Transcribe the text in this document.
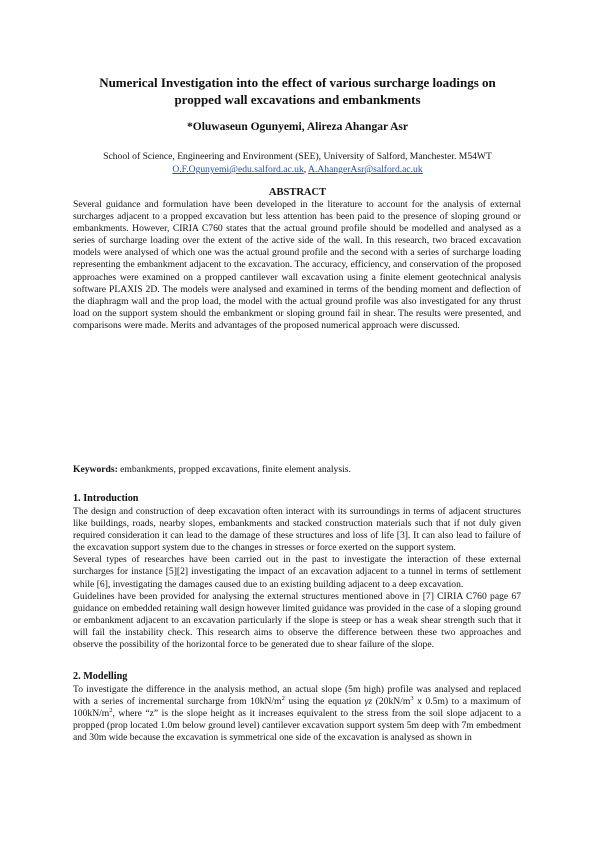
Numerical Investigation into the effect of various surcharge loadings on
propped wall excavations and embankments
*Oluwaseun Ogunyemi, Alireza Ahangar Asr
School of Science, Engineering and Environment (SEE), University of Salford, Manchester. M54WT
O.F.Ogunyemi@edu.salford.ac.uk, A.AhangerAsr@salford.ac.uk
ABSTRACT
Several guidance and formulation have been developed in the literature to account for the analysis of external surcharges adjacent to a propped excavation but less attention has been paid to the presence of sloping ground or embankments. However, CIRIA C760 states that the actual ground profile should be modelled and analysed as a series of surcharge loading over the extent of the active side of the wall. In this research, two braced excavation models were analysed of which one was the actual ground profile and the second with a series of surcharge loading representing the embankment adjacent to the excavation. The accuracy, efficiency, and conservation of the proposed approaches were examined on a propped cantilever wall excavation using a finite element geotechnical analysis software PLAXIS 2D. The models were analysed and examined in terms of the bending moment and deflection of the diaphragm wall and the prop load, the model with the actual ground profile was also investigated for any thrust load on the support system should the embankment or sloping ground fail in shear. The results were presented, and comparisons were made. Merits and advantages of the proposed numerical approach were discussed.
Keywords: embankments, propped excavations, finite element analysis.
1. Introduction

The design and construction of deep excavation often interact with its surroundings in terms of adjacent structures like buildings, roads, nearby slopes, embankments and stacked construction materials such that if not duly given required consideration it can lead to the damage of these structures and loss of life [3]. It can also lead to failure of the excavation support system due to the changes in stresses or force exerted on the support system.

Several types of researches have been carried out in the past to investigate the interaction of these external surcharges for instance [5][2] investigating the impact of an excavation adjacent to a tunnel in terms of settlement while [6], investigating the damages caused due to an existing building adjacent to a deep excavation.

Guidelines have been provided for analysing the external structures mentioned above in [7] CIRIA C760 page 67 guidance on embedded retaining wall design however limited guidance was provided in the case of a sloping ground or embankment adjacent to an excavation particularly if the slope is steep or has a weak shear strength such that it will fail the instability check. This research aims to observe the difference between these two approaches and observe the possibility of the horizontal force to be generated due to shear failure of the slope.

2. Modelling
To investigate the difference in the analysis method, an actual slope (5m high) profile was analysed and replaced with a series of incremental surcharge from $10kN/m^2$ using the equation γz ($20kN/m^3$ x 0.5m) to a maximum of $100kN/m^2$, where “z” is the slope height as it increases equivalent to the stress from the soil slope adjacent to a propped (prop located 1.0m below ground level) cantilever excavation support system 5m deep with 7m embedment and 30m wide because the excavation is symmetrical one side of the excavation is analysed as shown in
